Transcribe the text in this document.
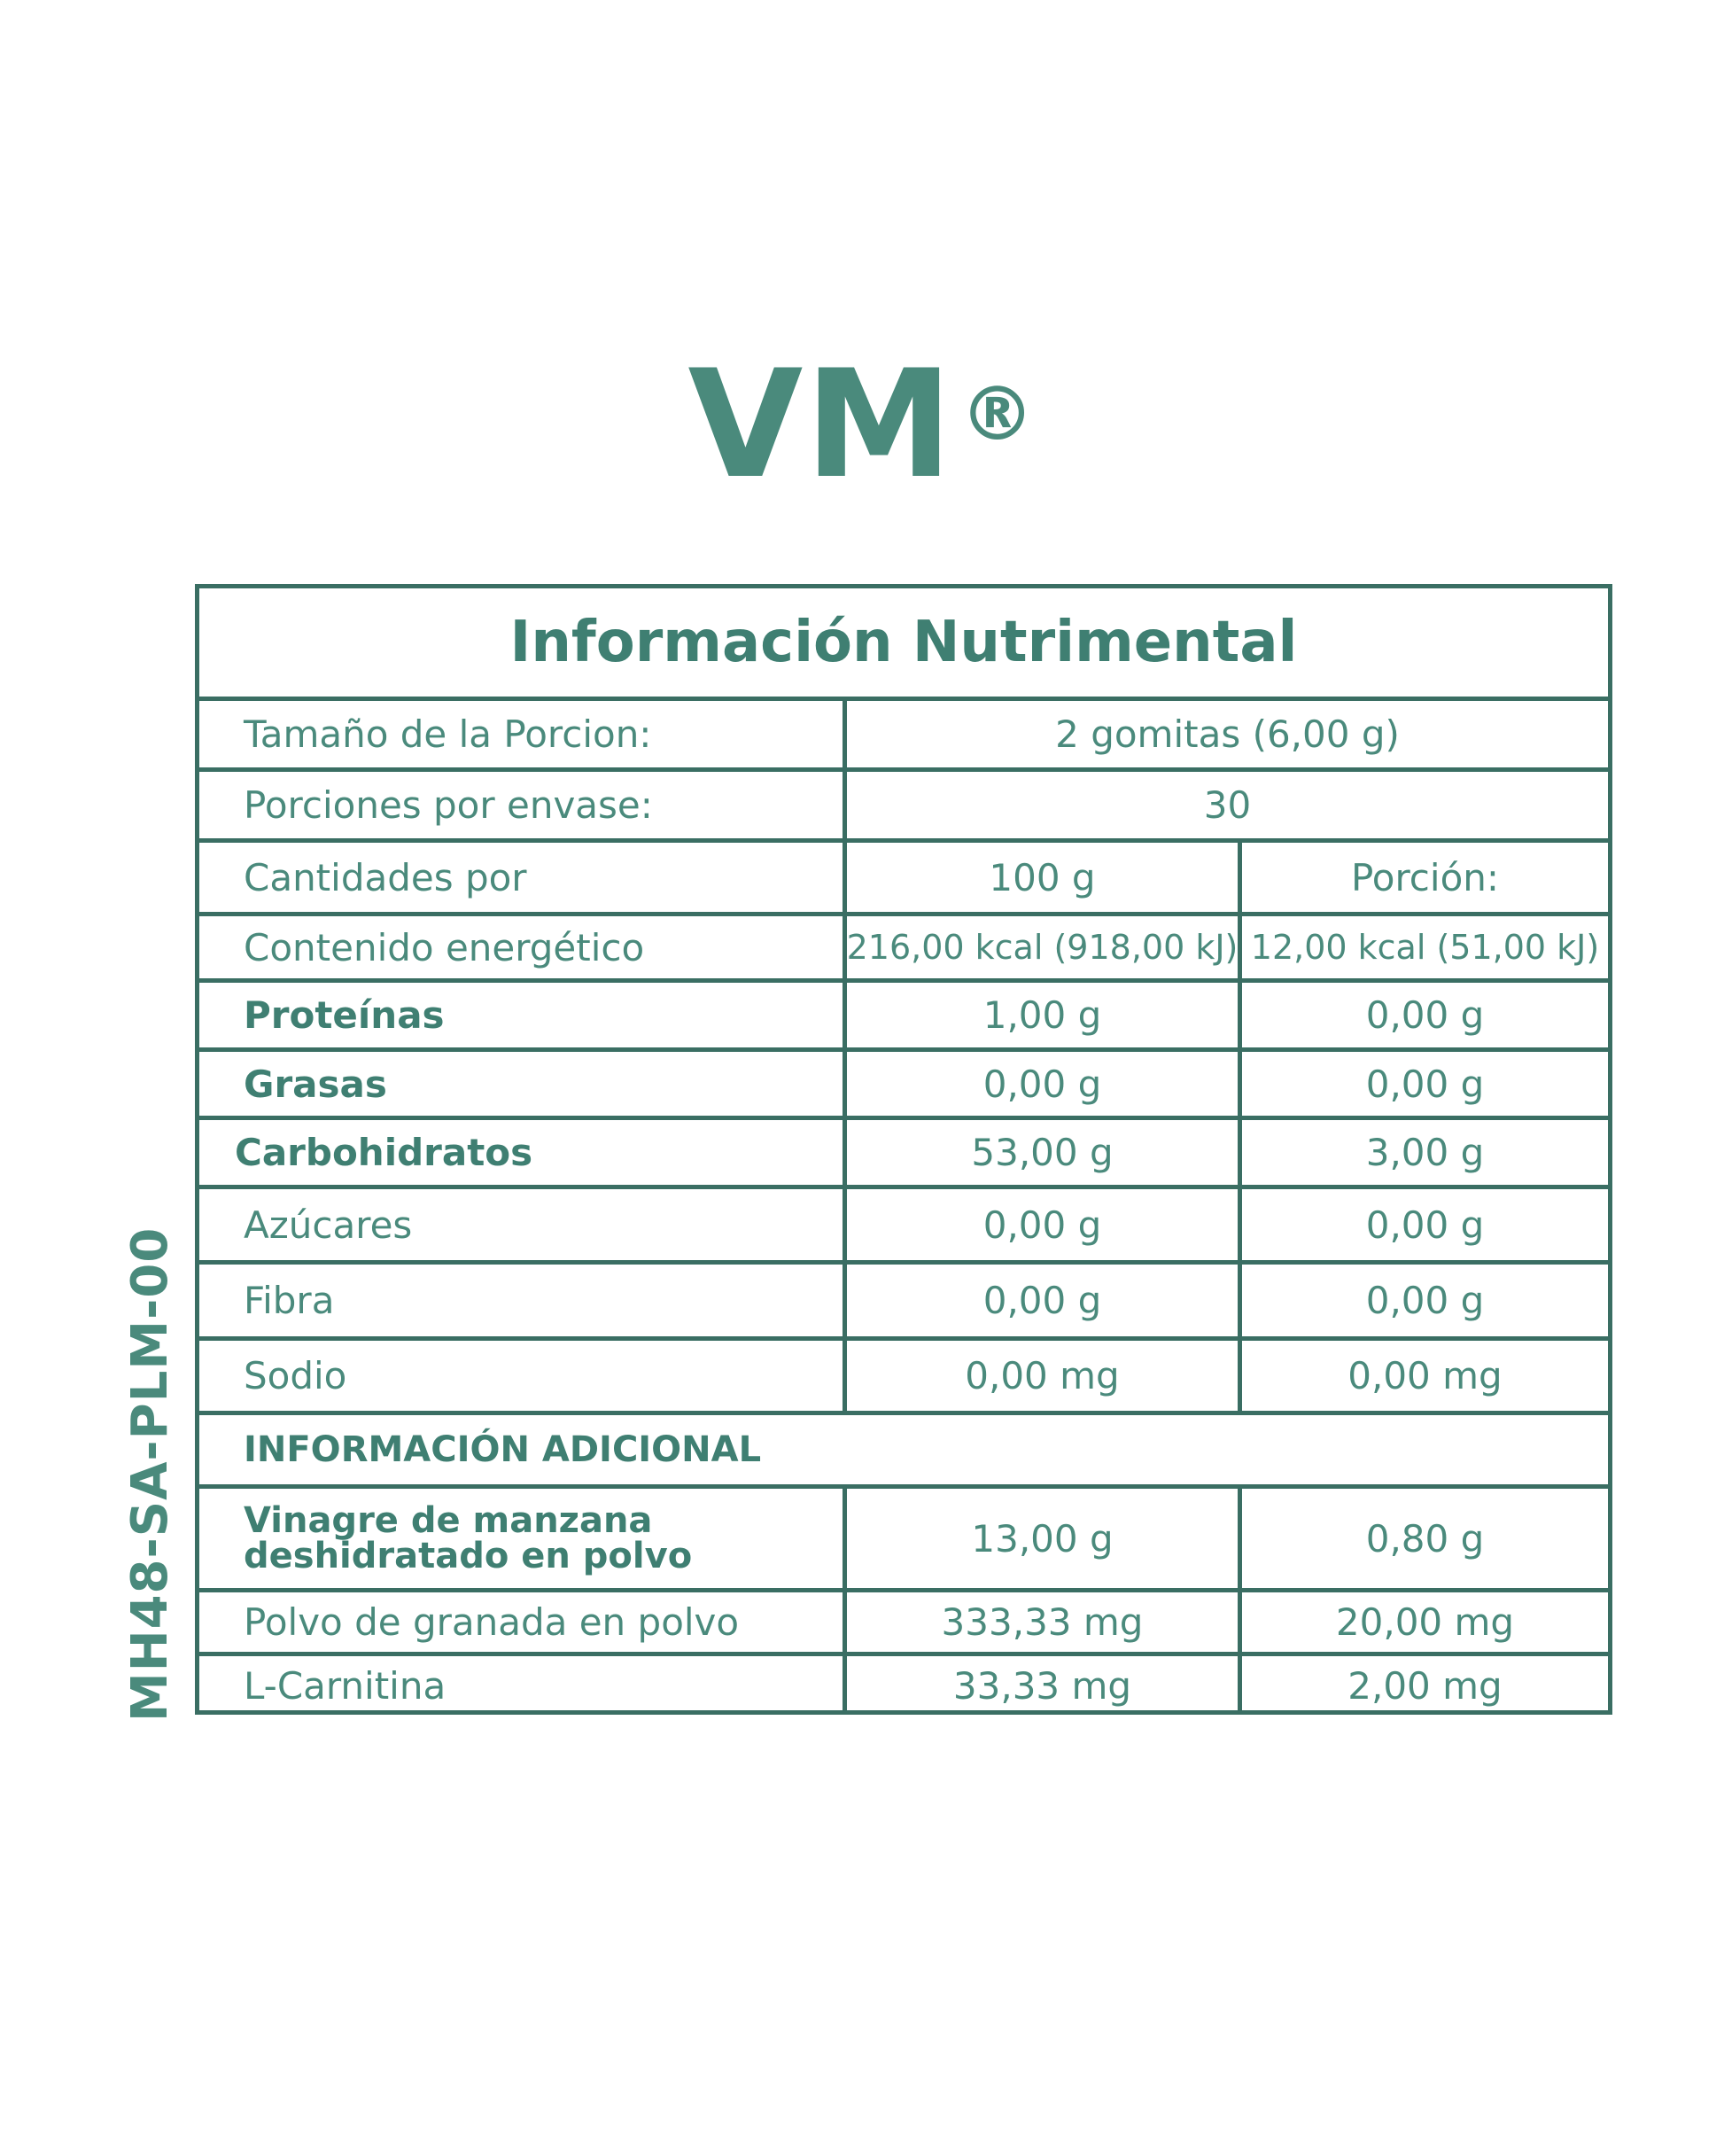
VM®
MH48-SA-PLM-00
Información Nutrimental
Tamaño de la Porcion:	2 gomitas (6,00 g)
Porciones por envase:	30
Cantidades por	100 g	Porción:
Contenido energético	216,00 kcal (918,00 kJ) 12,00 kcal (51,00 kJ)
Proteínas	1,00 g	0,00 g
Grasas	0,00 g	0,00 g
Carbohidratos	53,00 g	3,00 g
Azúcares	0,00 g	0,00 g
Fibra	0,00 g	0,00 g
Sodio	0,00 mg	0,00 mg
INFORMACIÓN ADICIONAL
Vinagre de manzana deshidratado en polvo	13,00 g	0,80 g
Polvo de granada en polvo	333,33 mg	20,00 mg
L-Carnitina	33,33 mg	2,00 mg
